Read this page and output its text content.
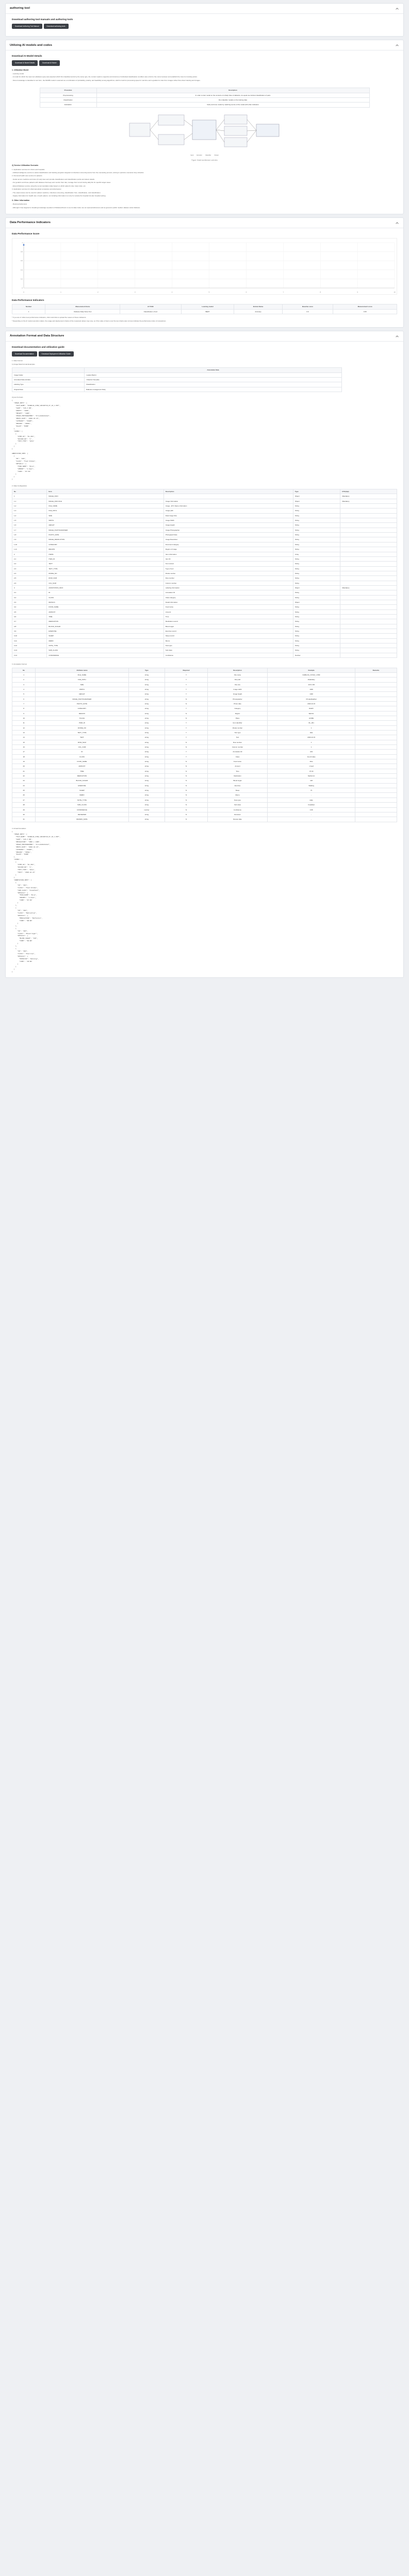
authoring tool
Download authoring tool manuals and authoring tools
Download Authoring Tool Manual	Download authoring tools
Utilizing AI models and codes
Download AI Model Details
Download AI Model Details	Download AI Model
1. Utilization Model
- Learning model
- A model for which the input text (diabetes type) was acquired which first classified words by the same type, the content reads to organize and structure of individual classification condition was a limit to the correct answer and establish the rules for invoking action.
- Since knowledge is classified in text form, the ML/DB model is selected as a combination of probability, polarity, and feasibility among algorithms, which is built for processing speed in real time and a gradient to train from images rather than direct training and images.
Procedure	Description
Preprocessing	In order to train model on the contents of a Daily Note of diabetics, do equal one-hot/text classification of pairs
Classification	Run classifier models on the training data
Evaluation	Verify and tune model by matching source of the model with other indicators
Input Encoder Classifier Output
Figure: Model architecture overview
2) Service Utilization Scenario
1. Application services for clinics and hospitals
- Artificial intelligence service to assist classification and tracking programs targeted to Infectious screening teams from the counseling process, aiming to optimize counselor duty schedule
2. Personal health care service for patients
- Guide secure medicine and store (if cost) does and provide classification and classification points and detect details.
- For geriatric and those patients with diabetes that keep and monitor their diet, manage their record during daily life for specific target cases.
- Extend Diabetes service using the recommendation daily based on which patient's diet, body index, etc.
3. Application services for pharmaceutical companies and pharmacies
- The output stores can be used for patient medicine, Infectious screening, classification from, classification, and classification.
- Supply information for health care of each patient, not including information not only for outside the hospital but also hospital setting.
3. Other Information
- Representativeness
- Although it has targeted to breaking knowledge at patient of DiabetesCheck to use its data it also use as representativeness and as general a public medium dataset under diabetes.
Data Performance Indicators
Data Performance Score
0
0.2
0.4
0.6
0.8
1
0	1	2	3	4	5	6	7	8	9	10
Data Performance Indicators
Number	Measurement Items	AI TASK	Learning model	Bottom Name	Baseline score	Measurement score
1	Diabetes Daily Notes Text	Classification of text	BERT	Accuracy	0.9	0.95
* If you are in India meet performance indicators, click mark links to upload the reason of these indicators.
* Depending on the AI model execution status, the usage and deployment criteria of the measured values may vary, so if the value of items over the top criteria was not less indicate the performance index of comparison.
Annotation Format and Data Structure
Download documentation and utilization guide
Download Documentation	Download Deployment Utilization Guide
1. Data Format
1) Image Data Format Examples
	Annotation Data
Image Folder	/ pattern/file/txt
Annotated Data (Folder)	/ Rule/txt/ Template
Labeling Type	Classification
Original Data	Diabetes management Diary
2) json Formats
{
"IMAGE_INFO": {
"FILE_NAME": "DIABLOG_SYDW_120190718_UT_10_1.PDF",
"SIZE": "215.3 KB",
"WIDTH": "1000",
"HEIGHT": "1400",
"IMAGE_PHOTOGRAPHER": "PrivateDataSet",
"PHOTO_DATE": "2020.10.15",
"CATEGORY": "DIARY",
"REGION": "SEOUL",
"PLACE": "HOME"
},
"ITEMS": [
{
"ITEM_ID": "DL_001",
"DIVIDE_NO": "1",
"TEXT_TYPE": "date"
}
]
}
ANNOTATION_INFO: [
{
"ID": "A01",
"CLASS": "Food Intake",
"DETAILS": {
"FOOD_NAME": "Rice",
"AMOUNT": "1 bowl",
"TIME": "07:30"
}
}
]
2. Data Configuration
No	Item	Description	Type	ETC(Opt)
1	IMAGE_INFO		Object	Mandatory
1-1	IMAGE_INFO.FILE	Image Information	Object	Mandatory
1-2	FILE_NAME	Image - ETC Name information	String	
1-3	FILE_PATH	Image path	String	
1-4	SIZE	Data Image Size	String	
1-5	WIDTH	Image Width	String	
1-6	HEIGHT	Image Height	String	
1-7	IMAGE_PHOTOGRAPHER	Image Photographer	String	
1-8	PHOTO_DATE	Photograph Date	String	
1-9	IMAGE_RESOLUTION	Image Resolution	String	
1-10	CATEGORY	Document category	String	
1-11	REGION	Region of image	String	
2	ITEMS	Item information	Array	
2-1	ITEM_ID	Item ID	String	
2-2	TEXT	Text content	String	
2-3	TEXT_TYPE	Type of text	String	
2-4	DIVIDE_NO	Divide number	String	
2-5	ROW_NUM	Row number	String	
2-6	COL_NUM	Column number	String	
3	ANNOTATION_INFO	Labeling information	Object	Mandatory
3-1	ID	Annotation ID	String	
3-2	CLASS	Class category	String	
3-3	DETAILS	Detail information	Object	
3-4	FOOD_NAME	Food name	String	
3-5	AMOUNT	Amount	String	
3-6	TIME	Time	String	
3-7	MEDICATION	Medication record	String	
3-8	BLOOD_SUGAR	Blood sugar	String	
3-9	EXERCISE	Exercise record	String	
3-10	SLEEP	Sleep record	String	
3-11	MEMO	Memo	String	
3-12	NOTE_TYPE	Note type	String	
3-13	SUB_CLASS	Sub class	String	
3-14	CONFIDENCE	Confidence	Number	
3. Annotation Format
No	Attribute name	Type	Required	Description	Example	Remarks
1	FILE_NAME	string	Y	File name	DIABLOG_SYDW_1.PDF	
2	FILE_PATH	string	Y	File path	/data/diary	
3	SIZE	string	Y	File size	215.3 KB	
4	WIDTH	string	Y	Image width	1000	
5	HEIGHT	string	Y	Image height	1400	
6	IMAGE_PHOTOGRAPHER	string	N	Photographer	PrivateDataSet	
7	PHOTO_DATE	string	N	Photo date	2020.10.15	
8	CATEGORY	string	Y	Category	DIARY	
9	REGION	string	N	Region	SEOUL	
10	PLACE	string	N	Place	HOME	
11	ITEM_ID	string	Y	Item identifier	DL_001	
12	DIVIDE_NO	string	Y	Divide number	1	
13	TEXT_TYPE	string	Y	Text type	date	
14	TEXT	string	Y	Text	2020.10.15	
15	ROW_NUM	string	N	Row number	1	
16	COL_NUM	string	N	Column number	1	
17	ID	string	Y	Annotation ID	A01	
18	CLASS	string	Y	Class	Food Intake	
19	FOOD_NAME	string	N	Food name	Rice	
20	AMOUNT	string	N	Amount	1 bowl	
21	TIME	string	N	Time	07:30	
22	MEDICATION	string	N	Medication	Metformin	
23	BLOOD_SUGAR	string	N	Blood sugar	120	
24	EXERCISE	string	N	Exercise	Walking	
25	SLEEP	string	N	Sleep	7h	
26	MEMO	string	N	Memo	-	
27	NOTE_TYPE	string	N	Note type	daily	
28	SUB_CLASS	string	N	Sub class	breakfast	
29	CONFIDENCE	number	N	Confidence	0.95	
30	REVIEWER	string	N	Reviewer	-	
31	REVIEW_DATE	string	N	Review date	-	
4. Actual Annotation
{
"IMAGE_INFO": {
"FILE_NAME": "DIABLOG_SYDW_120190718_UT_10_1.PDF",
"SIZE": "215.3 KB",
"RESOLUTION": "1000 x 1400",
"IMAGE_PHOTOGRAPHER": "PrivateDataSet",
"PHOTO_DATE": "2020.10.15",
"CATEGORY": "DIARY",
"REGION": "SEOUL",
"PLACE": "HOME"
},
"ITEMS": [
{
"ITEM_ID": "DL_001",
"DIVIDE_NO": "1",
"TEXT_TYPE": "date",
"TEXT": "2020.10.15"
}
],
"ANNOTATION_INFO": [
{
"ID": "A01",
"CLASS": "Food Intake",
"SUB_CLASS": "breakfast",
"DETAILS": {
"FOOD_NAME": "Rice",
"AMOUNT": "1 bowl",
"TIME": "07:30"
}
},
{
"ID": "A02",
"CLASS": "Medication",
"DETAILS": {
"MEDICATION": "Metformin",
"TIME": "08:00"
}
},
{
"ID": "A03",
"CLASS": "Blood Sugar",
"DETAILS": {
"BLOOD_SUGAR": "120",
"TIME": "09:00"
}
},
{
"ID": "A04",
"CLASS": "Exercise",
"DETAILS": {
"EXERCISE": "Walking",
"TIME": "18:00"
}
}
]
}
